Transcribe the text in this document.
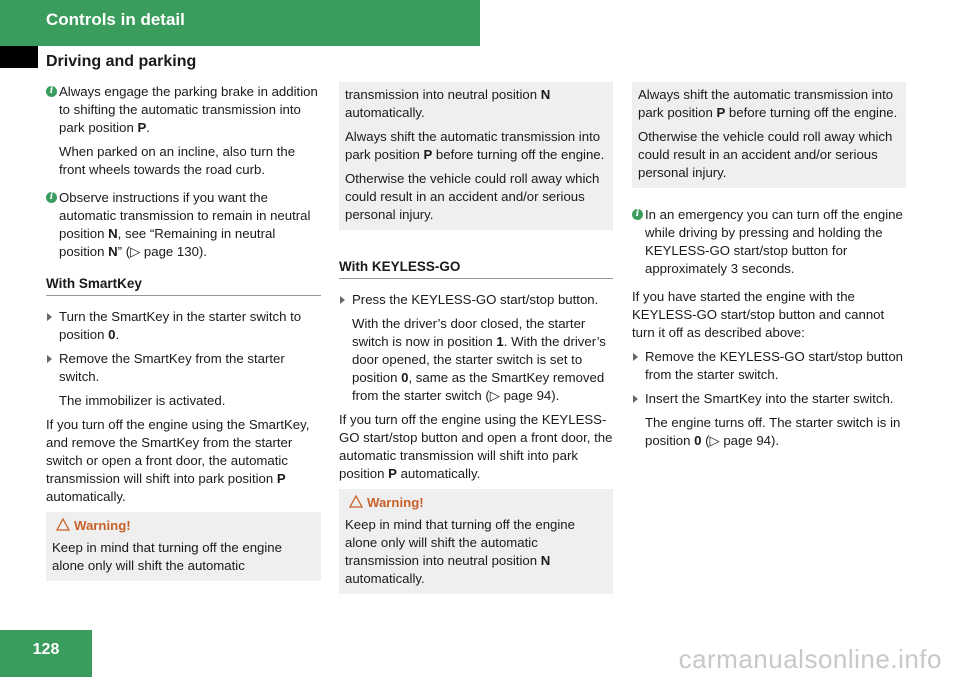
Controls in detail
Driving and parking
i Always engage the parking brake in addition to shifting the automatic transmission into park position P.

When parked on an incline, also turn the front wheels towards the road curb.

i Observe instructions if you want the automatic transmission to remain in neutral position N, see “Remaining in neutral position N” (▷ page 130).

With SmartKey

Turn the SmartKey in the starter switch to position 0.

Remove the SmartKey from the starter switch.

The immobilizer is activated.

If you turn off the engine using the SmartKey, and remove the SmartKey from the starter switch or open a front door, the automatic transmission will shift into park position P automatically.

Warning!

Keep in mind that turning off the engine alone only will shift the automatic

transmission into neutral position N automatically.

Always shift the automatic transmission into park position P before turning off the engine.

Otherwise the vehicle could roll away which could result in an accident and/or serious personal injury.

With KEYLESS-GO

Press the KEYLESS-GO start/stop button.

With the driver’s door closed, the starter switch is now in position 1. With the driver’s door opened, the starter switch is set to position 0, same as the SmartKey removed from the starter switch (▷ page 94).

If you turn off the engine using the KEYLESS-GO start/stop button and open a front door, the automatic transmission will shift into park position P automatically.

Warning!

Keep in mind that turning off the engine alone only will shift the automatic transmission into neutral position N automatically.

Always shift the automatic transmission into park position P before turning off the engine.

Otherwise the vehicle could roll away which could result in an accident and/or serious personal injury.

i In an emergency you can turn off the engine while driving by pressing and holding the KEYLESS-GO start/stop button for approximately 3 seconds.

If you have started the engine with the KEYLESS-GO start/stop button and cannot turn it off as described above:

Remove the KEYLESS-GO start/stop button from the starter switch.

Insert the SmartKey into the starter switch.

The engine turns off. The starter switch is in position 0 (▷ page 94).

128	carmanualsonline.info
